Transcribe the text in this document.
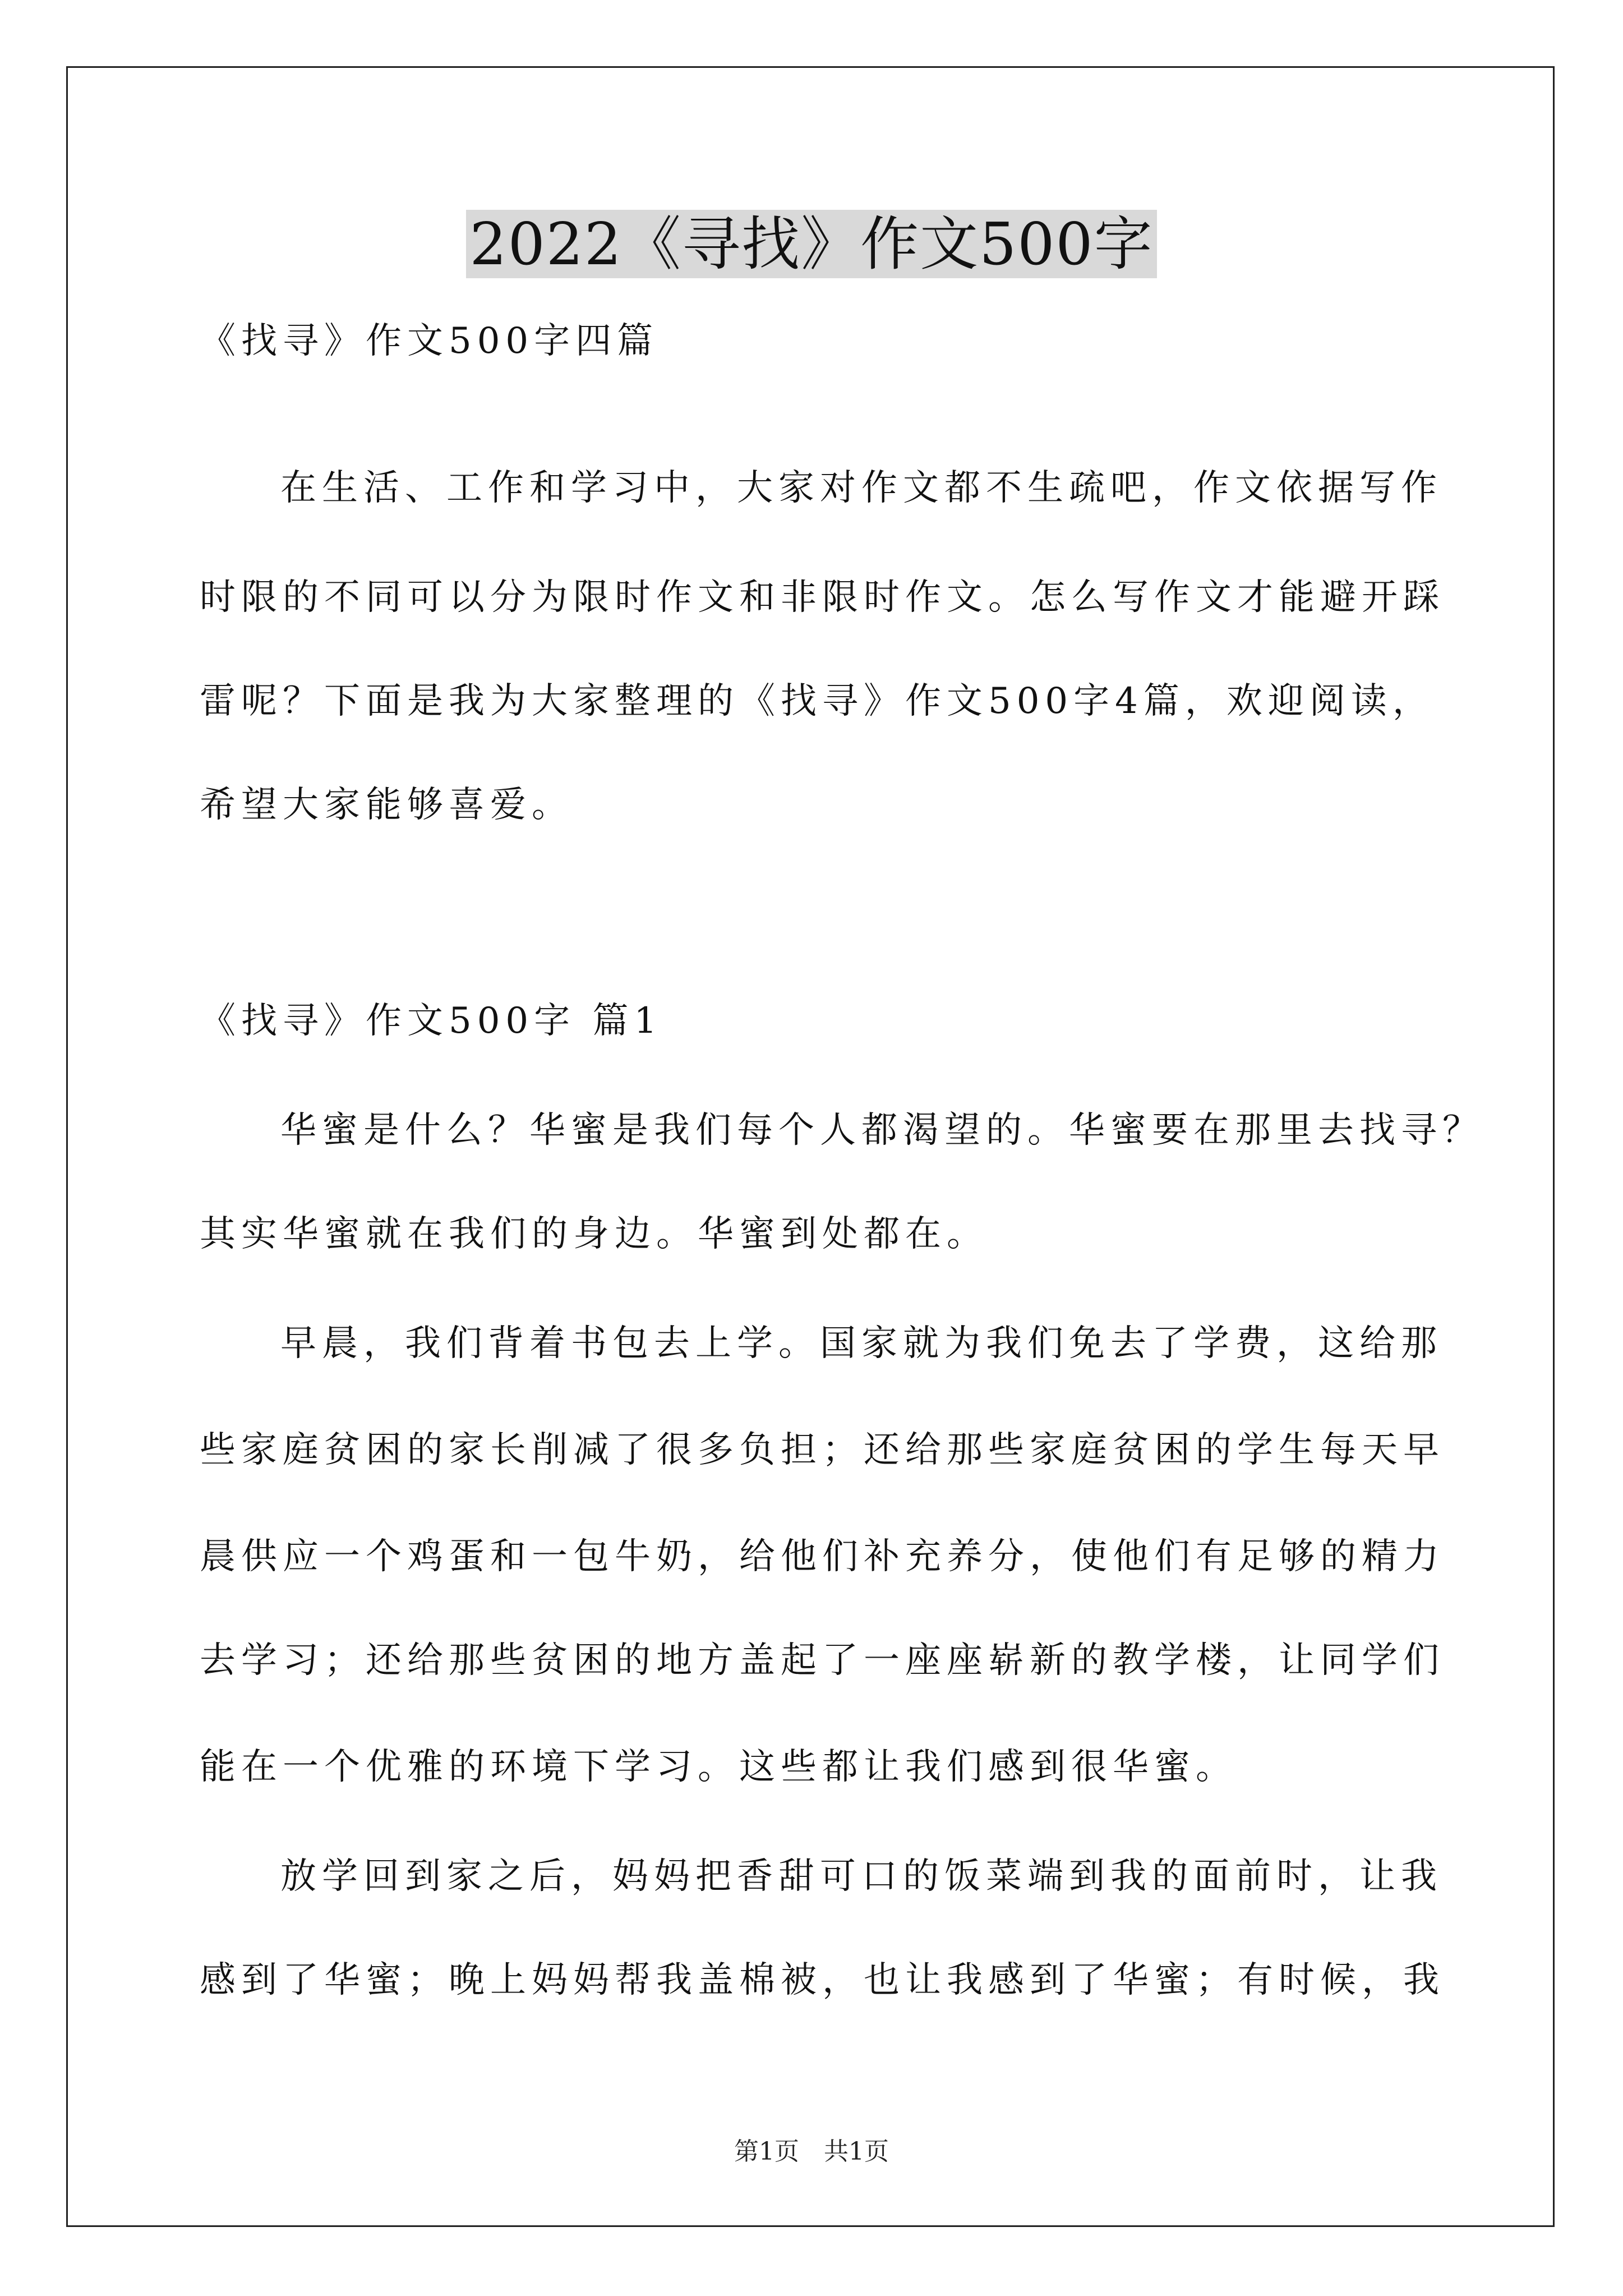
2022《寻找》作文500字
《找寻》作文500字四篇
在生活、工作和学习中，大家对作文都不生疏吧，作文依据写作
时限的不同可以分为限时作文和非限时作文。怎么写作文才能避开踩
雷呢？下面是我为大家整理的《找寻》作文500字4篇，欢迎阅读，
希望大家能够喜爱。
《找寻》作文500字 篇1
华蜜是什么？华蜜是我们每个人都渴望的。华蜜要在那里去找寻？
其实华蜜就在我们的身边。华蜜到处都在。
早晨，我们背着书包去上学。国家就为我们免去了学费，这给那
些家庭贫困的家长削减了很多负担；还给那些家庭贫困的学生每天早
晨供应一个鸡蛋和一包牛奶，给他们补充养分，使他们有足够的精力
去学习；还给那些贫困的地方盖起了一座座崭新的教学楼，让同学们
能在一个优雅的环境下学习。这些都让我们感到很华蜜。
放学回到家之后，妈妈把香甜可口的饭菜端到我的面前时，让我
感到了华蜜；晚上妈妈帮我盖棉被，也让我感到了华蜜；有时候，我
第1页　共1页
